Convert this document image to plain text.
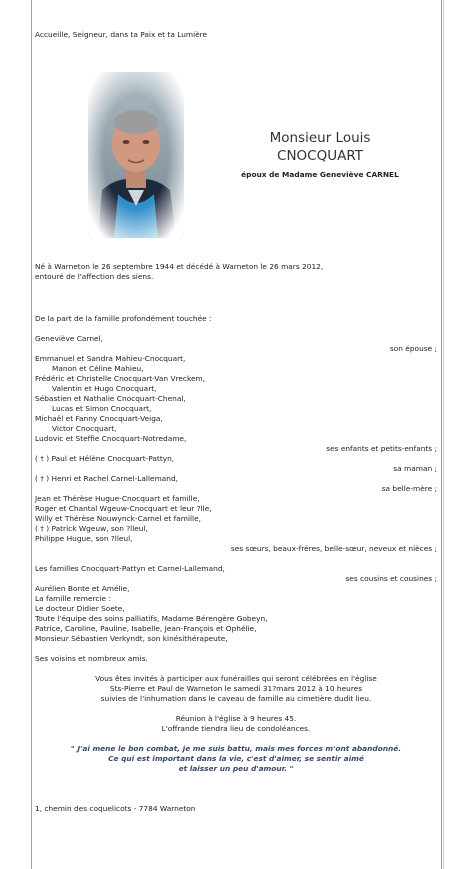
Accueille, Seigneur, dans ta Paix et ta Lumière
Monsieur Louis
CNOCQUART
époux de Madame Geneviève CARNEL
Né à Warneton le 26 septembre 1944 et décédé à Warneton le 26 mars 2012,
entouré de l'affection des siens.
De la part de la famille profondément touchée :
Geneviève Carnel,
son épouse ;
Emmanuel et Sandra Mahieu-Cnocquart,
Manon et Céline Mahieu,
Frédéric et Christelle Cnocquart-Van Vreckem,
Valentin et Hugo Cnocquart,
Sébastien et Nathalie Cnocquart-Chenal,
Lucas et Simon Cnocquart,
Michaël et Fanny Cnocquart-Veiga,
Victor Cnocquart,
Ludovic et Steffie Cnocquart-Notredame,
ses enfants et petits-enfants ;
( † ) Paul et Hélène Cnocquart-Pattyn,
sa maman ;
( † ) Henri et Rachel Carnel-Lallemand,
sa belle-mère ;
Jean et Thérèse Hugue-Cnocquart et famille,
Roger et Chantal Wgeuw-Cnocquart et leur ?lle,
Willy et Thérèse Nouwynck-Carnel et famille,
( † ) Patrick Wgeuw, son ?lleul,
Philippe Hugue, son ?lleul,
ses sœurs, beaux-frères, belle-sœur, neveux et nièces ;
Les familles Cnocquart-Pattyn et Carnel-Lallemand,
ses cousins et cousines ;
Aurélien Bonte et Amélie,
La famille remercie :
Le docteur Didier Soete,
Toute l'équipe des soins palliatifs, Madame Bérengère Gobeyn,
Patrice, Caroline, Pauline, Isabelle, Jean-François et Ophélie,
Monsieur Sébastien Verkyndt, son kinésithérapeute,
Ses voisins et nombreux amis.
Vous êtes invités à participer aux funérailles qui seront célébrées en l'église
Sts-Pierre et Paul de Warneton le samedi 31?mars 2012 à 10 heures
suivies de l'inhumation dans le caveau de famille au cimetière dudit lieu.
Réunion à l'église à 9 heures 45.
L'offrande tiendra lieu de condoléances.
" J'ai mene le bon combat, je me suis battu, mais mes forces m'ont abandonné.
Ce qui est important dans la vie, c'est d'aimer, se sentir aimé
et laisser un peu d'amour. "
1, chemin des coquelicots - 7784 Warneton
